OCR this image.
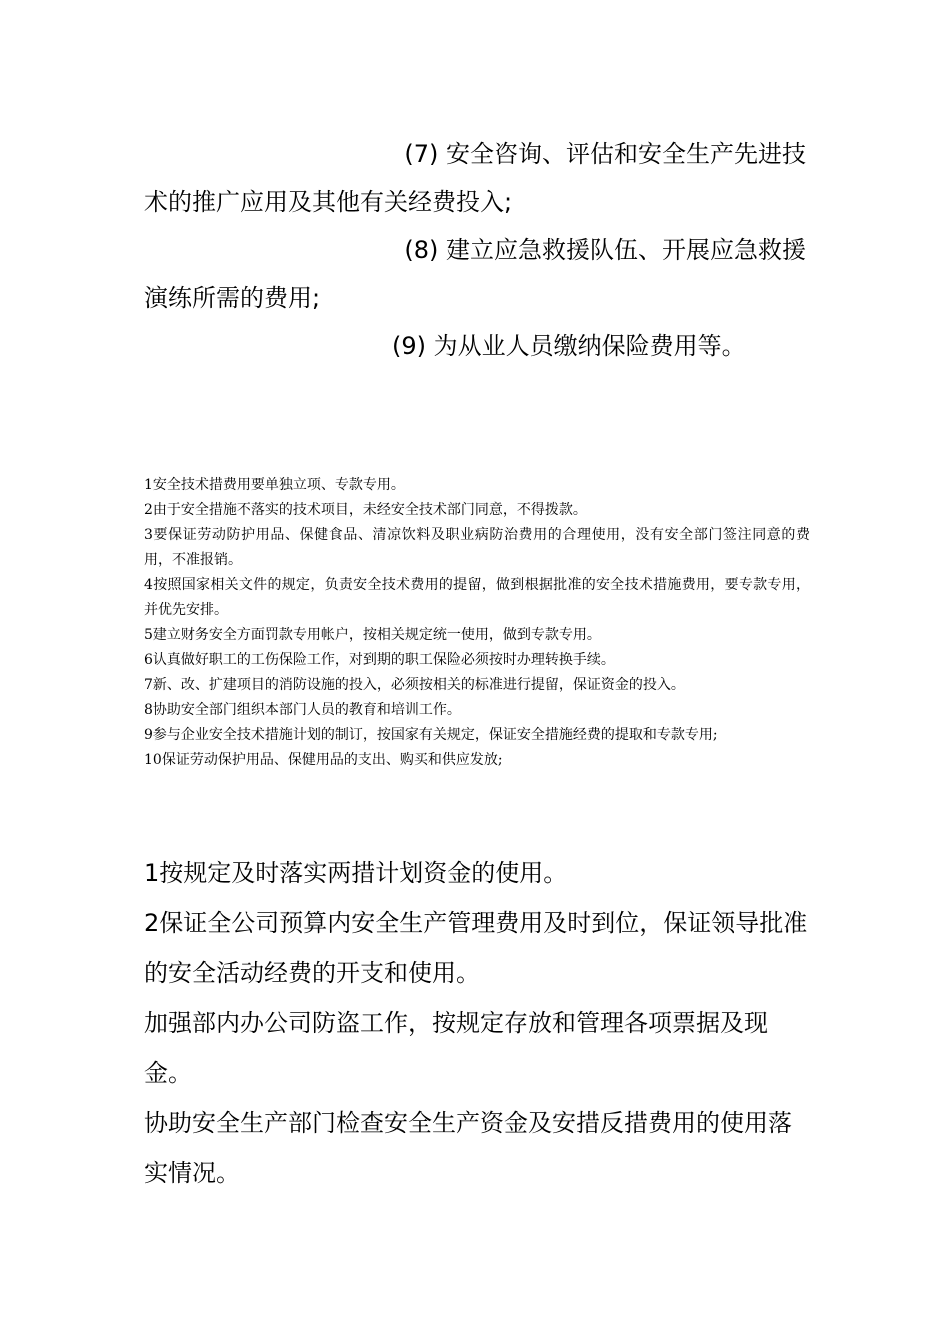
(7) 安全咨询、评估和安全生产先进技

术的推广应用及其他有关经费投入;

(8) 建立应急救援队伍、开展应急救援

演练所需的费用;

(9) 为从业人员缴纳保险费用等。

1安全技术措费用要单独立项、专款专用。

2由于安全措施不落实的技术项目，未经安全技术部门同意，不得拨款。

3要保证劳动防护用品、保健食品、清凉饮料及职业病防治费用的合理使用，没有安全部门签注同意的费用，不准报销。

4按照国家相关文件的规定，负责安全技术费用的提留，做到根据批准的安全技术措施费用，要专款专用，并优先安排。

5建立财务安全方面罚款专用帐户，按相关规定统一使用，做到专款专用。

6认真做好职工的工伤保险工作，对到期的职工保险必须按时办理转换手续。

7新、改、扩建项目的消防设施的投入，必须按相关的标准进行提留，保证资金的投入。

8协助安全部门组织本部门人员的教育和培训工作。

9参与企业安全技术措施计划的制订，按国家有关规定，保证安全措施经费的提取和专款专用;

10保证劳动保护用品、保健用品的支出、购买和供应发放;

1按规定及时落实两措计划资金的使用。

2保证全公司预算内安全生产管理费用及时到位，保证领导批准的安全活动经费的开支和使用。

加强部内办公司防盗工作，按规定存放和管理各项票据及现金。

协助安全生产部门检查安全生产资金及安措反措费用的使用落实情况。
